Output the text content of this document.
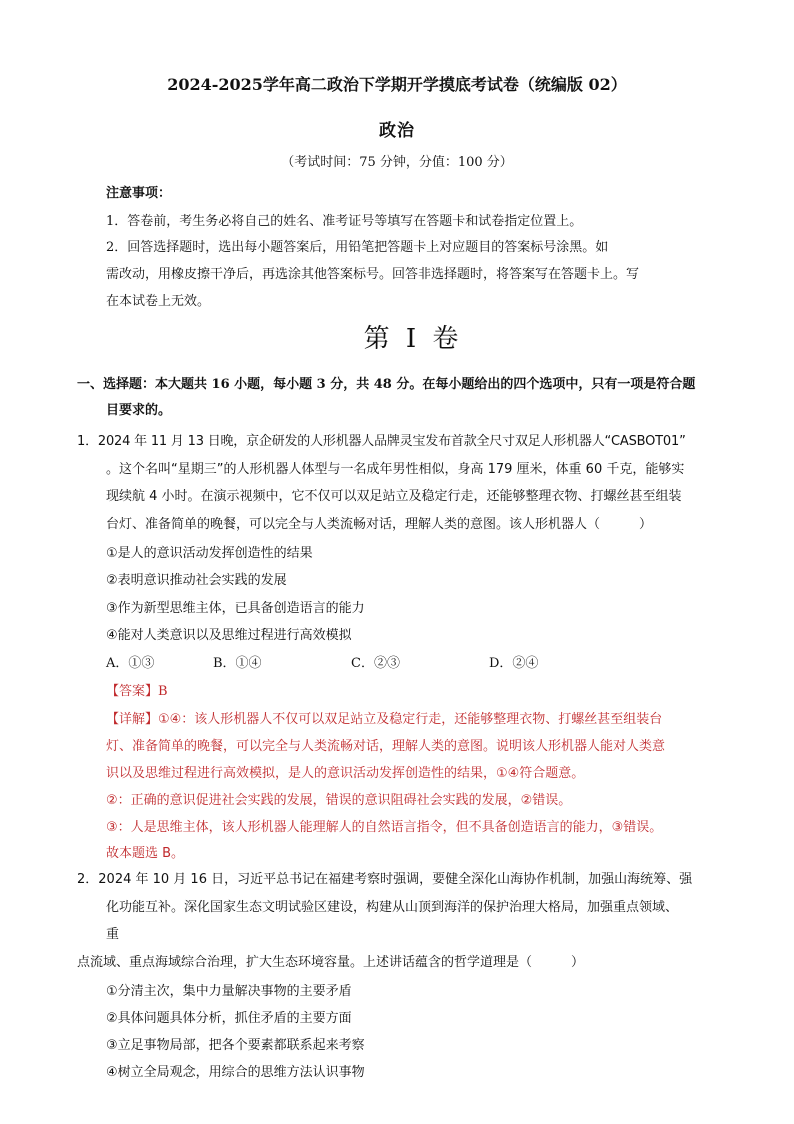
2024-2025学年高二政治下学期开学摸底考试卷（统编版 02）
政治
（考试时间：75 分钟，分值：100 分）
注意事项：
1．答卷前，考生务必将自己的姓名、准考证号等填写在答题卡和试卷指定位置上。
2．回答选择题时，选出每小题答案后，用铅笔把答题卡上对应题目的答案标号涂黑。如
需改动，用橡皮擦干净后，再选涂其他答案标号。回答非选择题时，将答案写在答题卡上。写
在本试卷上无效。
第 I 卷
一、选择题：本大题共 16 小题，每小题 3 分，共 48 分。在每小题给出的四个选项中，只有一项是符合题
目要求的。
1．2024 年 11 月 13 日晚，京企研发的人形机器人品牌灵宝发布首款全尺寸双足人形机器人“CASBOT01”
。这个名叫“星期三”的人形机器人体型与一名成年男性相似，身高 179 厘米，体重 60 千克，能够实
现续航 4 小时。在演示视频中，它不仅可以双足站立及稳定行走，还能够整理衣物、打螺丝甚至组装
台灯、准备简单的晚餐，可以完全与人类流畅对话，理解人类的意图。该人形机器人（　　　）
①是人的意识活动发挥创造性的结果
②表明意识推动社会实践的发展
③作为新型思维主体，已具备创造语言的能力
④能对人类意识以及思维过程进行高效模拟
A．①③	B．①④	C．②③	D．②④
【答案】B
【详解】①④：该人形机器人不仅可以双足站立及稳定行走，还能够整理衣物、打螺丝甚至组装台
灯、准备简单的晚餐，可以完全与人类流畅对话，理解人类的意图。说明该人形机器人能对人类意
识以及思维过程进行高效模拟，是人的意识活动发挥创造性的结果，①④符合题意。
②：正确的意识促进社会实践的发展，错误的意识阻碍社会实践的发展，②错误。
③：人是思维主体，该人形机器人能理解人的自然语言指令，但不具备创造语言的能力，③错误。
故本题选 B。
2．2024 年 10 月 16 日，习近平总书记在福建考察时强调，要健全深化山海协作机制，加强山海统筹、强
化功能互补。深化国家生态文明试验区建设，构建从山顶到海洋的保护治理大格局，加强重点领域、
重
点流域、重点海域综合治理，扩大生态环境容量。上述讲话蕴含的哲学道理是（　　　）
①分清主次，集中力量解决事物的主要矛盾
②具体问题具体分析，抓住矛盾的主要方面
③立足事物局部，把各个要素都联系起来考察
④树立全局观念，用综合的思维方法认识事物
